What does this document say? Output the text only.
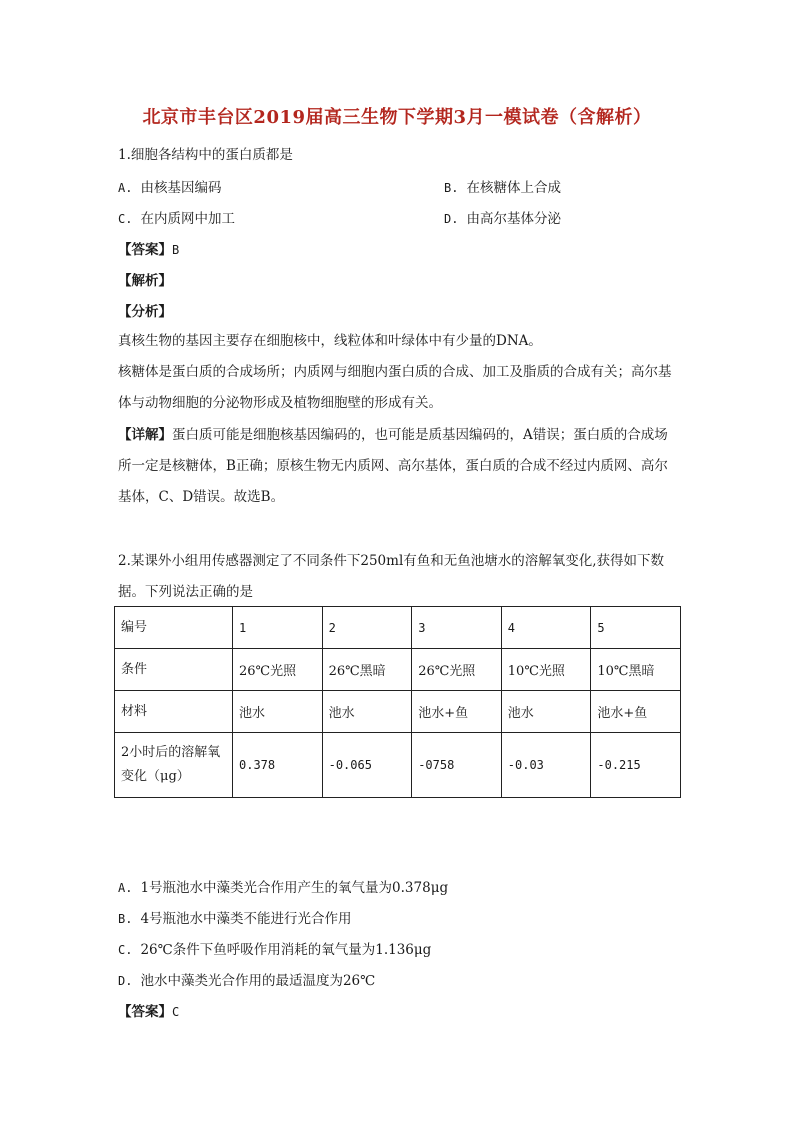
北京市丰台区2019届高三生物下学期3月一模试卷（含解析）
1.细胞各结构中的蛋白质都是
A. 由核基因编码	B. 在核糖体上合成
C. 在内质网中加工	D. 由高尔基体分泌
【答案】B
【解析】
【分析】
真核生物的基因主要存在细胞核中，线粒体和叶绿体中有少量的DNA。
核糖体是蛋白质的合成场所；内质网与细胞内蛋白质的合成、加工及脂质的合成有关；高尔基体与动物细胞的分泌物形成及植物细胞壁的形成有关。
【详解】蛋白质可能是细胞核基因编码的，也可能是质基因编码的，A错误；蛋白质的合成场所一定是核糖体，B正确；原核生物无内质网、高尔基体，蛋白质的合成不经过内质网、高尔基体，C、D错误。故选B。
2.某课外小组用传感器测定了不同条件下250ml有鱼和无鱼池塘水的溶解氧变化,获得如下数据。下列说法正确的是
编号	1	2	3	4	5
条件	26℃光照	26℃黑暗	26℃光照	10℃光照	10℃黑暗
材料	池水	池水	池水+鱼	池水	池水+鱼
2小时后的溶解氧变化（μg）	0.378	-0.065	-0758	-0.03	-0.215
A. 1号瓶池水中藻类光合作用产生的氧气量为0.378μg
B. 4号瓶池水中藻类不能进行光合作用
C. 26℃条件下鱼呼吸作用消耗的氧气量为1.136μg
D. 池水中藻类光合作用的最适温度为26℃
【答案】C
